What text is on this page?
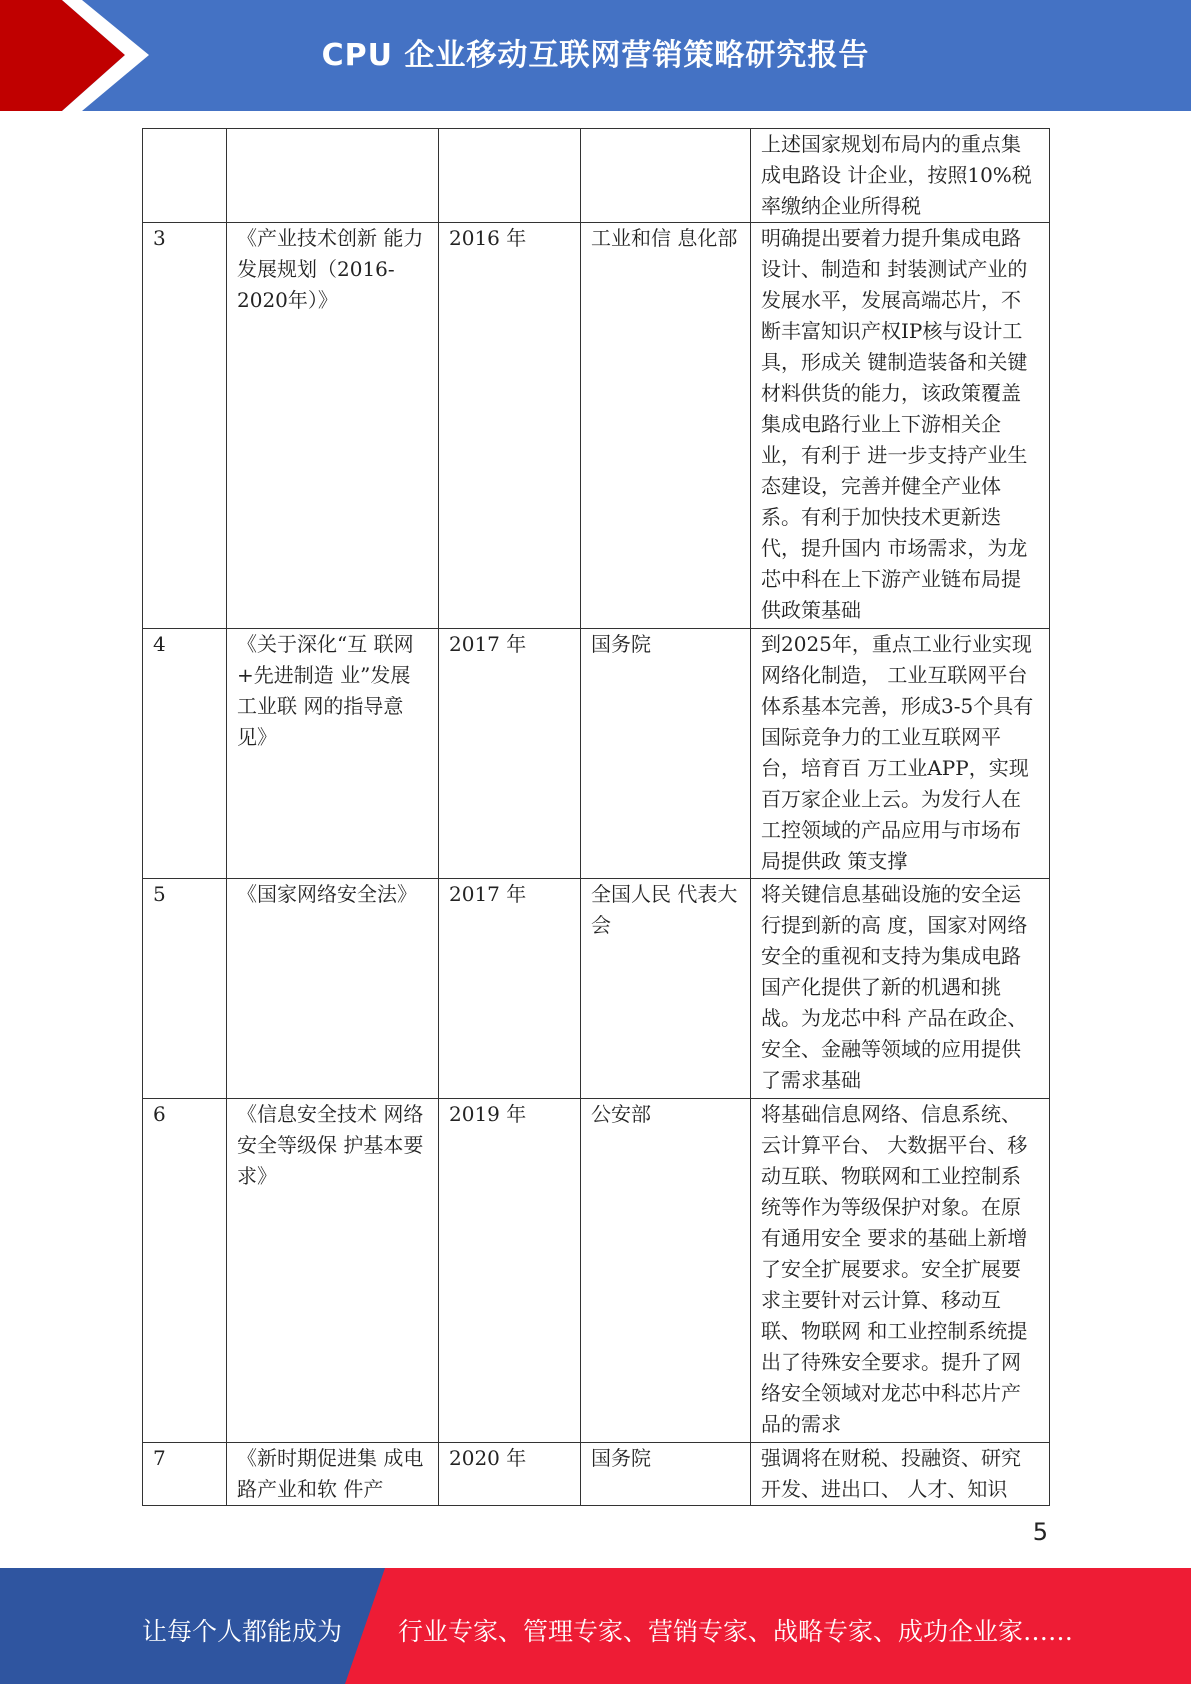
CPU 企业移动互联网营销策略研究报告
				上述国家规划布局内的重点集成电路设 计企业，按照10%税率缴纳企业所得税
3	《产业技术创新 能力发展规划（2016-2020年）》	2016 年	工业和信 息化部	明确提出要着力提升集成电路设计、制造和 封装测试产业的发展水平，发展高端芯片，不断丰富知识产权IP核与设计工具，形成关 键制造装备和关键材料供货的能力，该政策覆盖集成电路行业上下游相关企业，有利于 进一步支持产业生态建设，完善并健全产业体系。有利于加快技术更新迭代，提升国内 市场需求，为龙芯中科在上下游产业链布局提 供政策基础
4	《关于深化“互 联网+先进制造 业”发展工业联 网的指导意见》	2017 年	国务院	到2025年，重点工业行业实现网络化制造， 工业互联网平台体系基本完善，形成3-5个具有国际竞争力的工业互联网平台，培育百 万工业APP，实现百万家企业上云。为发行人在工控领域的产品应用与市场布局提供政 策支撑
5	《国家网络安全法》	2017 年	全国人民 代表大会	将关键信息基础设施的安全运行提到新的高 度，国家对网络安全的重视和支持为集成电路国产化提供了新的机遇和挑战。为龙芯中科 产品在政企、安全、金融等领域的应用提供 了需求基础
6	《信息安全技术 网络安全等级保 护基本要求》	2019 年	公安部	将基础信息网络、信息系统、云计算平台、 大数据平台、移动互联、物联网和工业控制系统等作为等级保护对象。在原有通用安全 要求的基础上新增了安全扩展要求。安全扩展要求主要针对云计算、移动互联、物联网 和工业控制系统提出了待殊安全要求。提升了网络安全领域对龙芯中科芯片产品的需求
7	《新时期促进集 成电路产业和软 件产	2020 年	国务院	强调将在财税、投融资、研究开发、进出口、 人才、知识
5
让每个人都能成为 行业专家、管理专家、营销专家、战略专家、成功企业家……
